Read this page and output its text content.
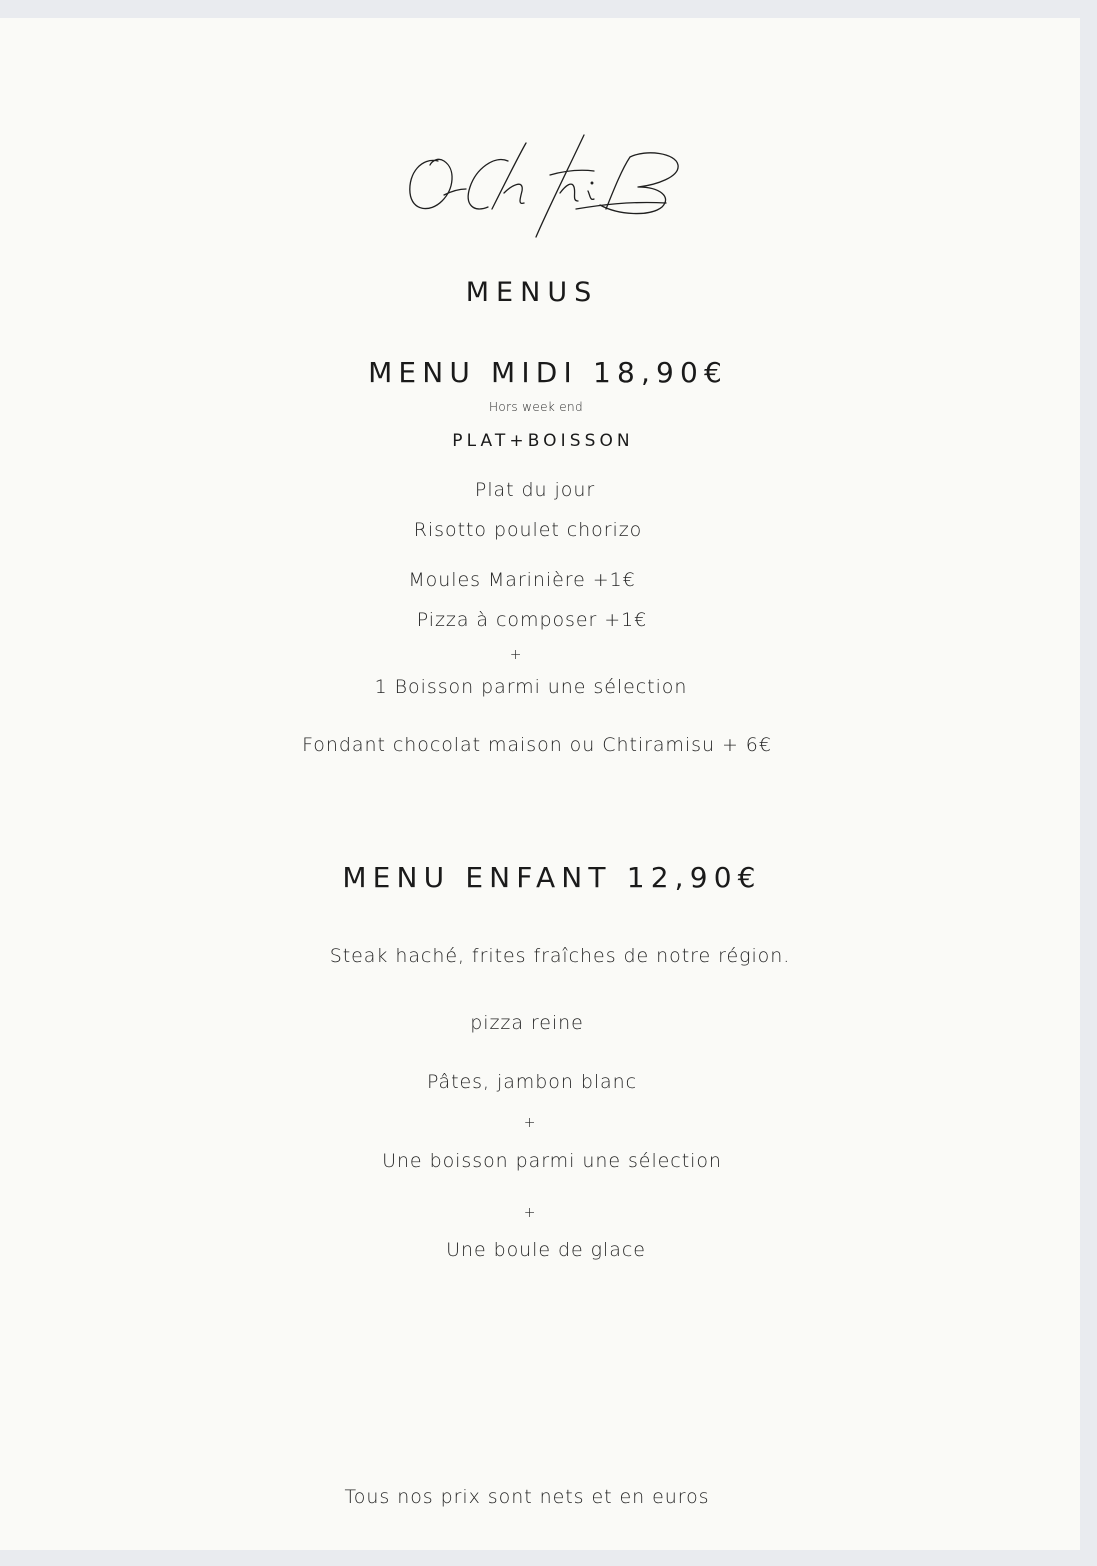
MENUS
MENU MIDI 18,90€
Hors week end
PLAT+BOISSON
Plat du jour
Risotto poulet chorizo
Moules Marinière +1€
Pizza à composer +1€
+
1 Boisson parmi une sélection
Fondant chocolat maison ou Chtiramisu + 6€
MENU ENFANT 12,90€
Steak haché, frites fraîches de notre région.
pizza reine
Pâtes, jambon blanc
+
Une boisson parmi une sélection
+
Une boule de glace
Tous nos prix sont nets et en euros
